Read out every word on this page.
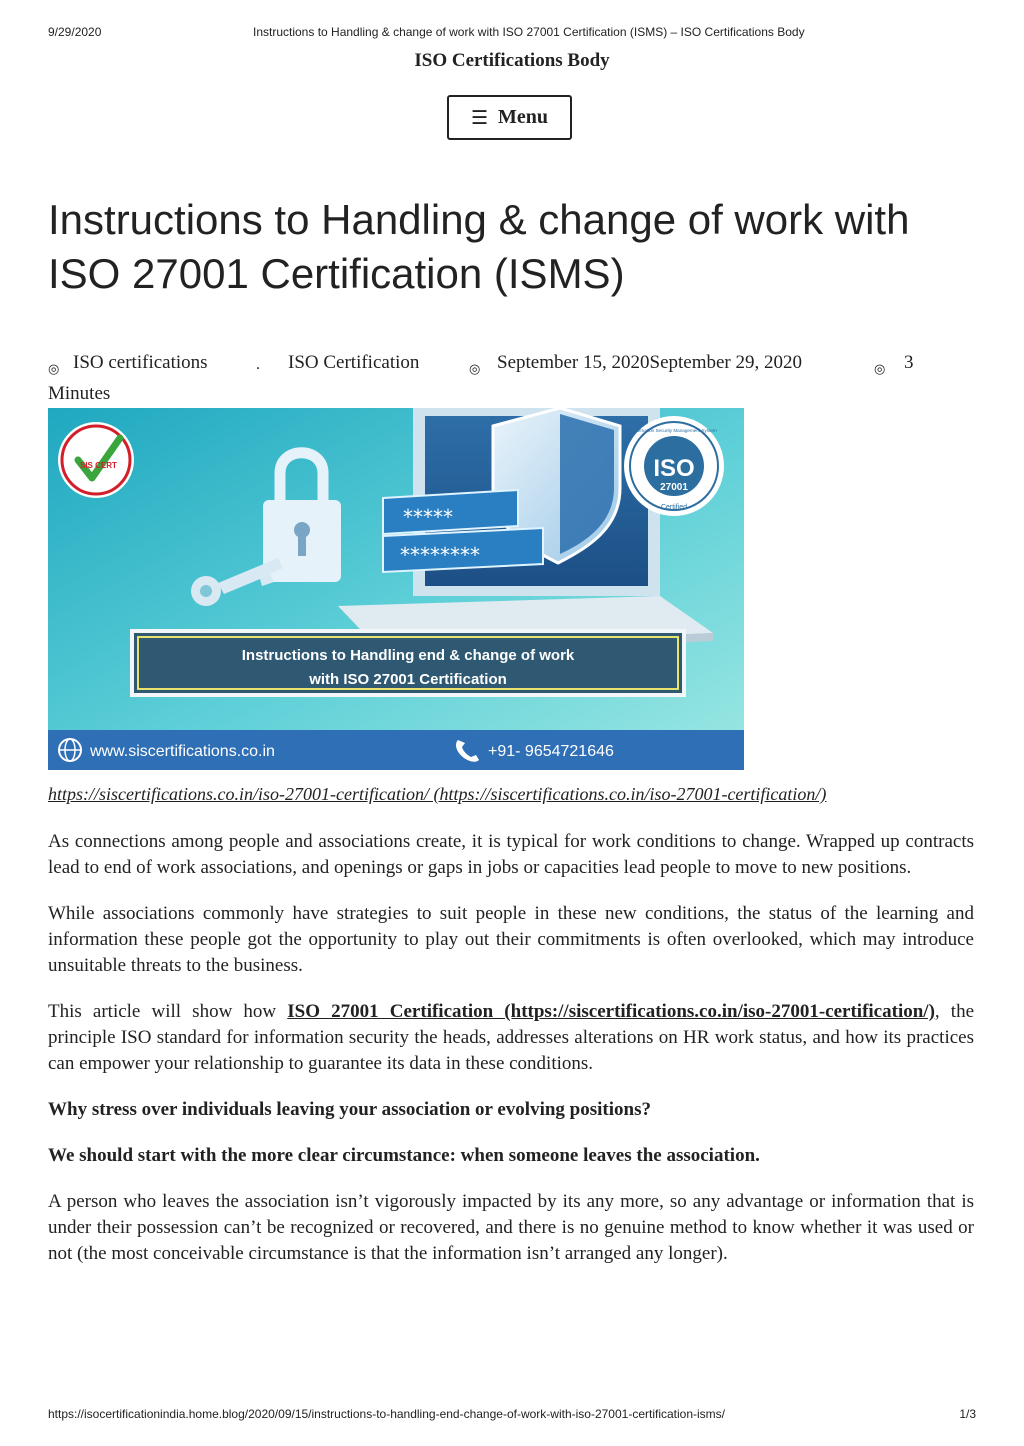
9/29/2020	Instructions to Handling & change of work with ISO 27001 Certification (ISMS) – ISO Certifications Body
ISO Certifications Body
☰ Menu
Instructions to Handling & change of work with ISO 27001 Certification (ISMS)
◎ ISO certifications	. ISO Certification	◎ September 15, 2020September 29, 2020	◎ 3
Minutes
*****
********
SIS CERT	ISO
27001
Certified
Information Security Management System
Instructions to Handling end & change of work
with ISO 27001 Certification
www.siscertifications.co.in	+91- 9654721646
https://siscertifications.co.in/iso-27001-certification/ (https://siscertifications.co.in/iso-27001-certification/)

As connections among people and associations create, it is typical for work conditions to change. Wrapped up contracts lead to end of work associations, and openings or gaps in jobs or capacities lead people to move to new positions.

While associations commonly have strategies to suit people in these new conditions, the status of the learning and information these people got the opportunity to play out their commitments is often overlooked, which may introduce unsuitable threats to the business.

This article will show how ISO 27001 Certification (https://siscertifications.co.in/iso-27001-certification/), the principle ISO standard for information security the heads, addresses alterations on HR work status, and how its practices can empower your relationship to guarantee its data in these conditions.

Why stress over individuals leaving your association or evolving positions?

We should start with the more clear circumstance: when someone leaves the association.

A person who leaves the association isn’t vigorously impacted by its any more, so any advantage or information that is under their possession can’t be recognized or recovered, and there is no genuine method to know whether it was used or not (the most conceivable circumstance is that the information isn’t arranged any longer).

https://isocertificationindia.home.blog/2020/09/15/instructions-to-handling-end-change-of-work-with-iso-27001-certification-isms/	1/3
